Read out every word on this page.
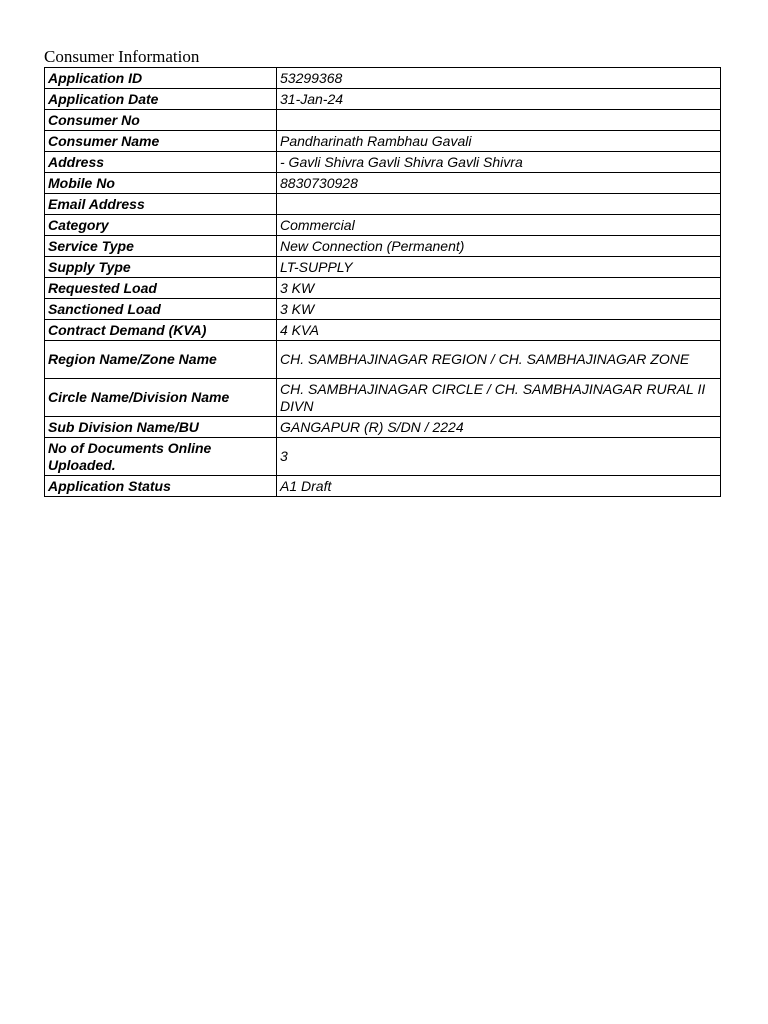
Consumer Information
Application ID	53299368
Application Date	31-Jan-24
Consumer No	
Consumer Name	Pandharinath Rambhau Gavali
Address	- Gavli Shivra Gavli Shivra Gavli Shivra
Mobile No	8830730928
Email Address	
Category	Commercial
Service Type	New Connection (Permanent)
Supply Type	LT-SUPPLY
Requested Load	3 KW
Sanctioned Load	3 KW
Contract Demand (KVA)	4 KVA
Region Name/Zone Name	CH. SAMBHAJINAGAR REGION / CH. SAMBHAJINAGAR ZONE
Circle Name/Division Name	CH. SAMBHAJINAGAR CIRCLE / CH. SAMBHAJINAGAR RURAL II DIVN
Sub Division Name/BU	GANGAPUR (R) S/DN / 2224
No of Documents Online Uploaded.	3
Application Status	A1 Draft
